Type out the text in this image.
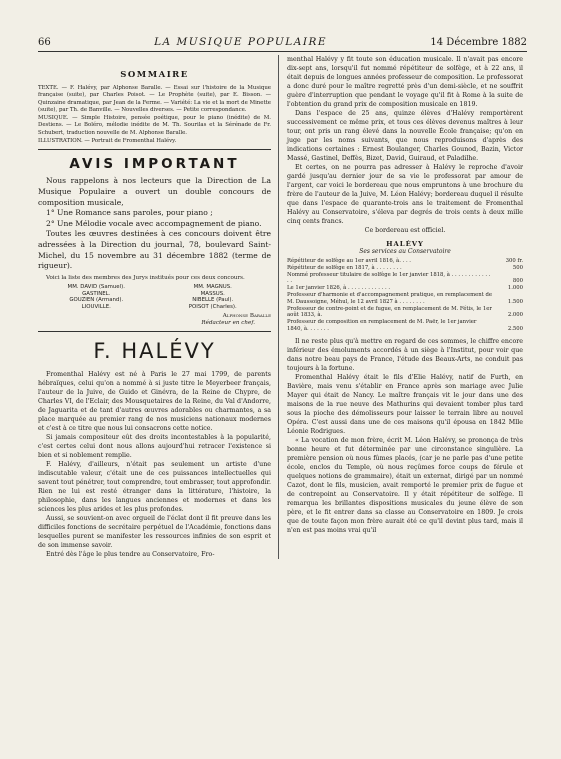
66	LA MUSIQUE POPULAIRE	14 Décembre 1882
SOMMAIRE

TEXTE. — F. Halévy, par Alphonse Baralle. — Essai sur l'histoire de la Musique française (suite), par Charles Poisot. — Le Prophète (suite), par E. Bisson. — Quinzaine dramatique, par Jean de la Ferme. — Variété: La vie et la mort de Minette (suite), par Th. de Banville. — Nouvelles diverses. — Petite correspondance.

MUSIQUE. — Simple Histoire, pensée poétique, pour le piano (inédite) de M. Destiens. — Le Boléro, mélodie inédite de M. Th. Sourilas et la Sérénade de Fr. Schubert, traduction nouvelle de M. Alphonse Baralle.

ILLUSTRATION. — Portrait de Fromenthal Halévy.

AVIS IMPORTANT

Nous rappelons à nos lecteurs que la Direction de La Musique Populaire a ouvert un double concours de composition musicale,

1° Une Romance sans paroles, pour piano ;

2° Une Mélodie vocale avec accompagnement de piano.

Toutes les œuvres destinées à ces concours doivent être adressées à la Direction du journal, 78, boulevard Saint-Michel, du 15 novembre au 31 décembre 1882 (terme de rigueur).

Voici la liste des membres des Jurys institués pour ces deux concours.

MM. DAVID (Samuel).
GASTINEL.
GOUZIEN (Armand).
LIOUVILLE.
MM. MAGNUS.
MASSUS.
NIBELLE (Paul).
POISOT (Charles).
Alphonse Baralle
Rédacteur en chef.
F. HALÉVY

Fromenthal Halévy est né à Paris le 27 mai 1799, de parents hébraïques, celui qu'on a nommé à si juste titre le Meyerbeer français, l'auteur de la Juive, de Guido et Ginévra, de la Reine de Chypre, de Charles VI, de l'Eclair, des Mousquetaires de la Reine, du Val d'Andorre, de Jaguarita et de tant d'autres œuvres adorables ou charmantes, a sa place marquée au premier rang de nos musiciens nationaux modernes et c'est à ce titre que nous lui consacrons cette notice.

Si jamais compositeur eût des droits incontestables à la popularité, c'est certes celui dont nous allons aujourd'hui retracer l'existence si bien et si noblement remplie.

F. Halévy, d'ailleurs, n'était pas seulement un artiste d'une indiscutable valeur, c'était une de ces puissances intellectuelles qui savent tout pénétrer, tout comprendre, tout embrasser, tout approfondir. Rien ne lui est resté étranger dans la littérature, l'histoire, la philosophie, dans les langues anciennes et modernes et dans les sciences les plus arides et les plus profondes.

Aussi, se souvient-on avec orgueil de l'éclat dont il fit preuve dans les difficiles fonctions de secrétaire perpétuel de l'Académie, fonctions dans lesquelles purent se manifester les ressources infinies de son esprit et de son immense savoir.

Entré dès l'âge le plus tendre au Conservatoire, Fro-

menthal Halévy y fit toute son éducation musicale. Il n'avait pas encore dix-sept ans, lorsqu'il fut nommé répétiteur de solfège, et à 22 ans, il était depuis de longues années professeur de composition. Le professorat a donc duré pour le maître regretté près d'un demi-siècle, et ne souffrit guère d'interruption que pendant le voyage qu'il fit à Rome à la suite de l'obtention du grand prix de composition musicale en 1819.

Dans l'espace de 25 ans, quinze élèves d'Halévy remportèrent successivement ce même prix, et tous ces élèves devenus maîtres à leur tour, ont pris un rang élevé dans la nouvelle École française; qu'on en juge par les noms suivants, que nous reproduisons d'après des indications certaines : Ernest Boulanger, Charles Gounod, Bazin, Victor Massé, Gastinel, Deffès, Bizet, David, Guiraud, et Paladilhe.

Et certes, on ne pourra pas adresser à Halévy le reproche d'avoir gardé jusqu'au dernier jour de sa vie le professorat par amour de l'argent, car voici le bordereau que nous empruntons à une brochure du frère de l'auteur de la Juive, M. Léon Halévy; bordereau duquel il résulte que dans l'espace de quarante-trois ans le traitement de Fromenthal Halévy au Conservatoire, s'éleva par degrés de trois cents à deux mille cinq cents francs.

Ce bordereau est officiel.

HALÉVY
Ses services au Conservatoire
Répétiteur de solfège au 1er avril 1816, à. . . .	300 fr.
Répétiteur de solfège en 1817, à . . . . . . . .	500
Nommé professeur titulaire de solfège le 1er janvier 1818, à . . . . . . . . . . . . . .	800
Le 1er janvier 1826, à . . . . . . . . . . . . .	1.000
Professeur d'harmonie et d'accompagnement pratique, en remplacement de M. Daussoigne, Méhul, le 12 avril 1827 à . . . . . . . .	1.500
Professeur de contre-point et de fugue, en remplacement de M. Fétis, le 1er août 1833, à.	2.000
Professeur de composition en remplacement de M. Paër, le 1er janvier 1840, à. . . . . . .	2.500

Il ne reste plus qu'à mettre en regard de ces sommes, le chiffre encore inférieur des émoluments accordés à un siège à l'Institut, pour voir que dans notre beau pays de France, l'étude des Beaux-Arts, ne conduit pas toujours à la fortune.

Fromenthal Halévy était le fils d'Elie Halévy, natif de Furth, en Bavière, mais venu s'établir en France après son mariage avec Julie Mayer qui était de Nancy. Le maître français vit le jour dans une des maisons de la rue neuve des Mathurins qui devaient tomber plus tard sous la pioche des démolisseurs pour laisser le terrain libre au nouvel Opéra. C'est aussi dans une de ces maisons qu'il épousa en 1842 Mlle Léonie Rodrigues.

« La vocation de mon frère, écrit M. Léon Halévy, se prononça de très bonne heure et fut déterminée par une circonstance singulière. La première pension où nous fûmes placés, (car je ne parle pas d'une petite école, enclos du Temple, où nous reçûmes force coups de férule et quelques notions de grammaire), était un externat, dirigé par un nommé Cazot, dont le fils, musicien, avait remporté le premier prix de fugue et de contrepoint au Conservatoire. Il y était répétiteur de solfège. Il remarqua les brillantes dispositions musicales du jeune élève de son père, et le fit entrer dans sa classe au Conservatoire en 1809. Je crois que de toute façon mon frère aurait été ce qu'il devint plus tard, mais il n'en est pas moins vrai qu'il
